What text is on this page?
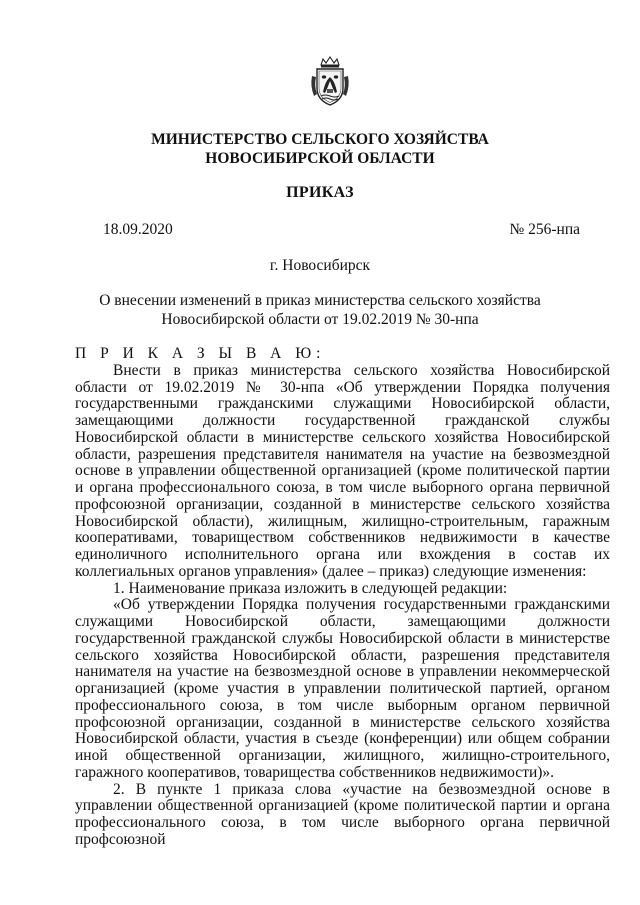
МИНИСТЕРСТВО СЕЛЬСКОГО ХОЗЯЙСТВА
НОВОСИБИРСКОЙ ОБЛАСТИ
ПРИКАЗ
18.09.2020	№ 256-нпа
г. Новосибирск
О внесении изменений в приказ министерства сельского хозяйства
Новосибирской области от 19.02.2019 № 30-нпа

П Р И К А З Ы В А Ю:

Внести в приказ министерства сельского хозяйства Новосибирской области от 19.02.2019 № 30-нпа «Об утверждении Порядка получения государственными гражданскими служащими Новосибирской области, замещающими должности государственной гражданской службы Новосибирской области в министерстве сельского хозяйства Новосибирской области, разрешения представителя нанимателя на участие на безвозмездной основе в управлении общественной организацией (кроме политической партии и органа профессионального союза, в том числе выборного органа первичной профсоюзной организации, созданной в министерстве сельского хозяйства Новосибирской области), жилищным, жилищно-строительным, гаражным кооперативами, товариществом собственников недвижимости в качестве единоличного исполнительного органа или вхождения в состав их коллегиальных органов управления» (далее – приказ) следующие изменения:

1. Наименование приказа изложить в следующей редакции:

«Об утверждении Порядка получения государственными гражданскими служащими Новосибирской области, замещающими должности государственной гражданской службы Новосибирской области в министерстве сельского хозяйства Новосибирской области, разрешения представителя нанимателя на участие на безвозмездной основе в управлении некоммерческой организацией (кроме участия в управлении политической партией, органом профессионального союза, в том числе выборным органом первичной профсоюзной организации, созданной в министерстве сельского хозяйства Новосибирской области, участия в съезде (конференции) или общем собрании иной общественной организации, жилищного, жилищно-строительного, гаражного кооперативов, товарищества собственников недвижимости)».

2. В пункте 1 приказа слова «участие на безвозмездной основе в управлении общественной организацией (кроме политической партии и органа профессионального союза, в том числе выборного органа первичной профсоюзной
